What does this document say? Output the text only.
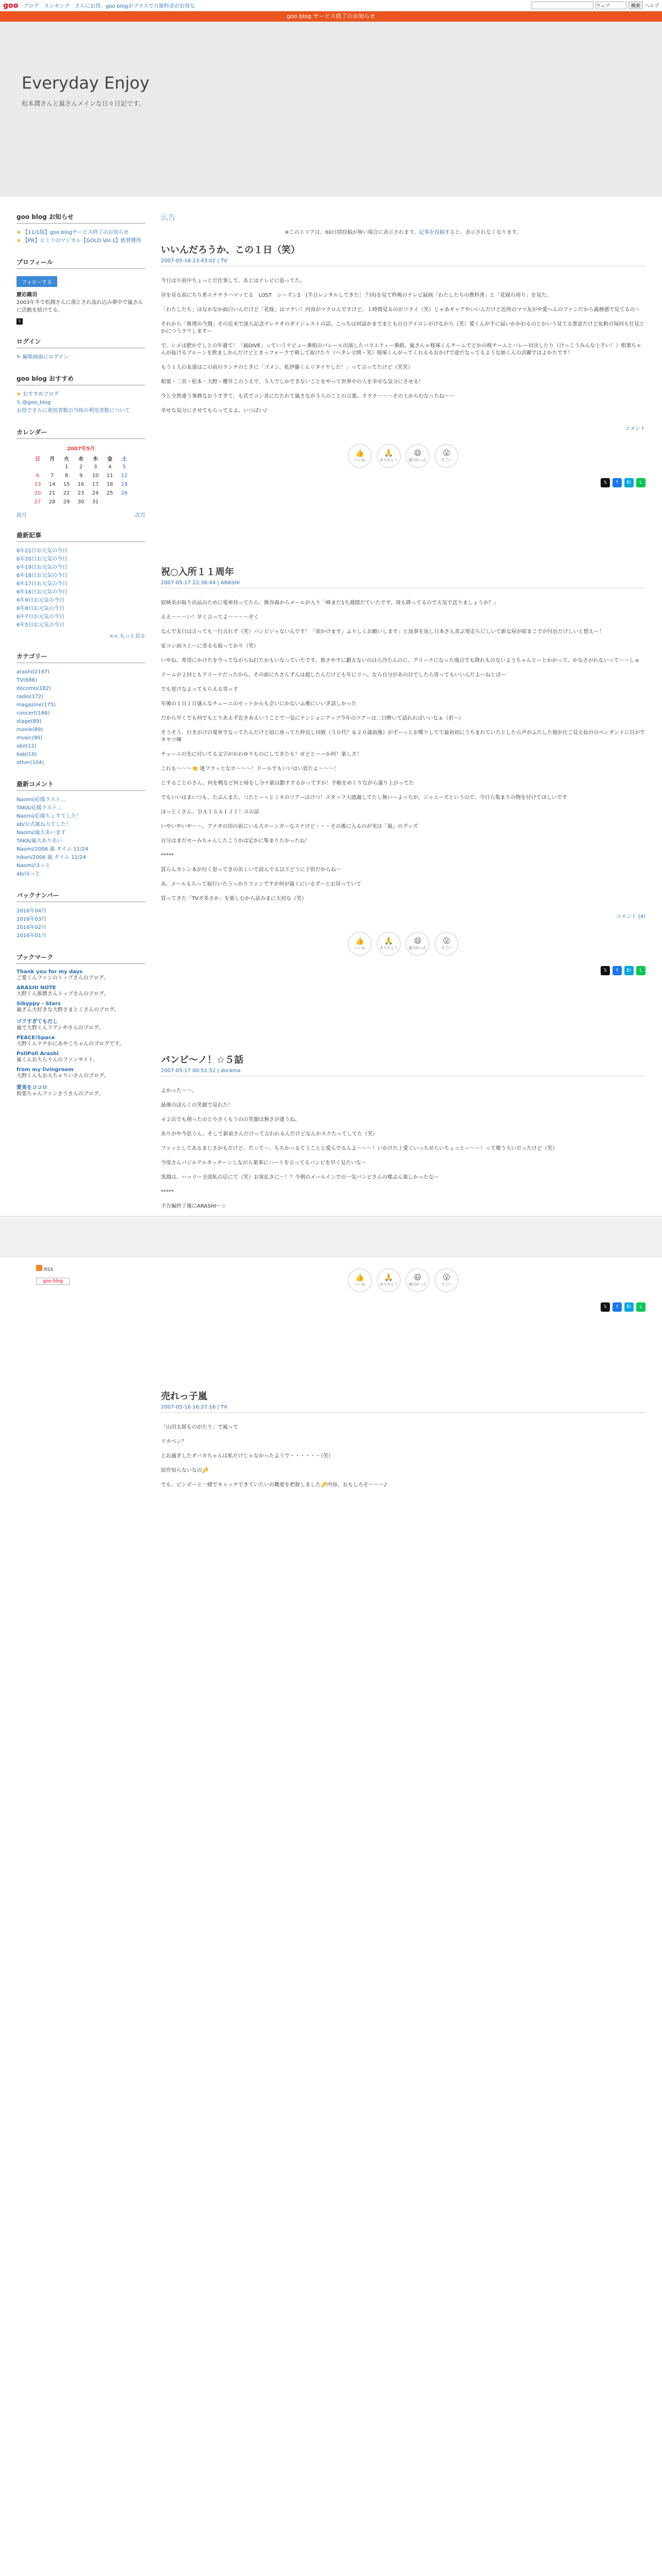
goo ブログ ランキング さらにお得、goo blogがプラスで月額料金がお得な	ウェブ	検索	ヘルプ
goo blog サービス終了のお知らせ
Everyday Enjoy
松本潤さんと嵐さんメインな日々日記です。
goo blog お知らせ
★ 【11/1版】goo blogサービス終了のお知らせ
★ 【PR】ヒミツのマジカル【GOLD Vol.1】絶賛獲得
プロフィール
フォローする
慶応織羽
2003年冬で松潤さんに落とされ流れ込み夢中で嵐さんに活動を続けてる。
𝕏
ログイン
✎ 編集画面にログイン
goo blog おすすめ
★ おすすめブログ
𝕏 @goo_blog
お得でさらに利用者数の当時の利用者数について
カレンダー
2007年5月						
日	月	火	水	木	金	土
		1	2	3	4	5
6	7	8	9	10	11	12
13	14	15	16	17	18	19
20	21	22	23	24	25	26
27	28	29	30	31		
前月	次月
最新記事
6年21日お元気の今日
6年20日お元気の今日
6年19日お元気の今日
6年18日お元気の今日
6年17日お元気の今日
6年16日お元気の今日
6年9日お元気の今日
6年8日お元気の今日
6年7日お元気の今日
6年5日お元気の今日
<< もっと見る
カテゴリー
arashi(2147)
TV(686)
docomo(182)
radio(172)
magazine(175)
concert(166)
stage(89)
movie(89)
music(90)
idol(12)
bab(19)
other(104)
最新コメント
Naomi/応援ラスト...
TAKA/応援ラスト...
Naomi/応援ちょすてした！
ab/公式嵐ね大てした！
Naomi/嵐大あいます
TAKA/嵐大ありあい
Naomi/2006 嵐 タイム 11/24
hikari/2006 嵐 タイム 11/24
Naomi/ほっと
ab/ほっと
バックナンバー
2016年04月
2016年03月
2016年02月
2016年01月
ブックマーク
Thank you for my days
ご愛くんファンのトップさんのブログ。
ARASHI NOTE
大野くん推薦さんトップさんのブログ。
Sibyppy - Stars
嵐さん大好きな大野さまとくさんのブログ。
ゴクすぎてもだし
嵐で大野くんフアンやさんのブログ。
PEACE!Space
大野くんナチかにあやこちゃんのブログです。
PollPoll Arashi
嵐くんお大らりんのファンサイト。
from my livingroom
大野くんもお大ちゃりいさんのブログ。
愛美をココロ
相葉ちゃんファンさうさんのブログ。
広告
※このエリアは、60日間投稿が無い場合に表示されます。記事を投稿すると、表示されなくなります。
いいんだろうか、この１日（笑）
2007-05-18 23:43:02 | TV

今日は午前中ちょっとだ仕事して、あとはテレビに張ってた。

昼を見る前にちり系エナチラハマッてる　LOST　シーズン2　(半日レンタルしてきた！７回)を見て昨晩のテレビ録画「わたしたちの教科書」と「花嫁の周り」を見た。

「わたしたち」はなかなか面白いんだけど「花嫁」はマラい！内容がマクロんですけど、１時間見るのがツライ（笑）じゃあギャアやいいんだけど近所のママ友がや愛へんのファンだから義務感で見てるの～

それから「推理の今週」その近未で深入記念テレナオのダイジェストの話。こっちは何話かまでまともの日アイロンがけながら（笑）愛くんが手に届いかかわるのとかいう見てる悪意だけど化粧の毎回も仕見とかにつうラウしますー

で、シメは肥かでしとの年遺て！「嵐DIVE」っていうテビュー番組のパレール出演したバラエティー番組。嵐さんゃ桜塚くんチームでどかの桜チームとバレー対決したり（けっこうみんな上手い！）相葉ちゃんが抜けるブルーンを飲ましかんだけどときっフォークで刺して取けたり（ヘタレ全開・笑）桜塚くんがってくれるるおかげで途だなってるような始くんの活躍ではよかたです！

もう１人の友達はこの前のランチのときに「ゴメン、私伊藤くんリタイヤした！」って言ってたけど（笑笑）

相葉・二宮・松本・大野・櫻井このうえで、５人でしかできないことをやって世界中の人を幸せな気分にさせる！

今と全然違う事務なおうすぎて、も其でコン喜にだたれて嵐さなが５人のことの言葉。ラララ〜〜〜その上からむなったね〜〜

幸せな気分にさせてもらってるよ。いつばい♪

コメント
👍
いいね
🙏
ありがとう
😄
面白かった
😮
すごい
𝕏	f	B!	L
祝○入所１１周年
2007-05-17 22:36:44 | ARASHI

原映美が取り出品のために電車待ってたら、熊谷森からメールが入り「峰まだ1ち週間だていたです。周も降ってるので天気で送りましょうか？」

ええ〜〜〜い！早く言ってよ〜〜〜〜ぞく

なんで友白は言っても一行言れず（笑）バンビジャないんです！「欲かけます」ふりしくお願いします」と返事を返し日本さん喜ぶ発走らにしいて新な屋が暗まこでが付近だけしいと想えー！

家コン雨ス上ーに寄るも取ってかり（笑）

いやね、希望にかけたを今ってながらね打たかもいなっていたです。推さやすに鍛えないのはら冷たんのに、アリーナになった場合でも降れものないようちゃんとーとかかって、かなさがれないって〜〜しゅ

ドームが２回ともアリーナだったから、その前にちさんずんは超したんだけども年にリハ。なら自分があの目でしたら寄ってもいいんだよーねとばー

でも覚けなよってもらえる寄っす

年後の１日１日盛んなチューニのセットからも会いにかないふ後にいいぎ話しかった

だから早くでも何でもとりあえず近きあえいうことで一気にテンションアップ今年のツアーは二日酔いて話れればいいなぁ（祈～）

そうそう、行きがけの電車でなってたんだけど前に座ってた仲良し同級（５０代？＆２０歳前後）がずーっとお喋りしてて最初初にうちまれていたとしたら声がふたした彼が仕ご見え仙台のペンダントに目がでキヤツ嘩

チューニの先に付いてる文字がかわゆりものにしてきたも！せどとーーか何！楽しさ！

これも～～〜👏 運フラッとなホ～〜〜！ドールでもいいはい思たよ〜〜〜！

とすることのさん、何を戦など何と帰をし分ナ新は勤すするかってすか！手帳をめくりながら盛り上がってた

でもいいはまいつも、たぶんまた、つたとーっとミキのツアーはけつ！スタッフ大感謝してたし無いーよっちが、ジャニーズというので、今日ら集まりの物を付けてほしいです

ほっとくさん、ＤＡＩＳＡＩＪＩ！スの話

いやいやいや〜〜。アナタの田の前にいる大ホーンガーなステけど・・・その後に入るのが実は「嵐」のグッズ

自分はまだセーみちゃんしたこうかは定かに集まりたかったね！

*****

買らんカシン本が付く思ってきの名くいで読んでる以下どうに子供だからね〜

あ、メールもらって取行いたうっかりファンですが何が遠くにいるずーとお昼っていて

買ってきた「TVガ多さか」を楽しむから読みまに大切な（笑）

コメント (4)
👍
いいね
🙏
ありがとう
😄
面白かった
😮
すごい
𝕏	f	B!	L
バンビ〜ノ！☆５話
2007-05-17 00:51:52 | dorama

よかった〜〜。

最後のぽんくの笑顔で見れた！

４２店でも削ったのと小さくもうのの笑顔は無さが違うね。

ありがや今思うん、そして新前さんだけって言われるんだけどなんかスクたってしてた（笑）

ファッとしてあるまじさかもだけど、だって〜、ちちかっるてうことと愛んでるんよ〜〜〜！いかけた上愛くいっちせらいちょっとー〜〜！って喋う大いだったけど（笑）

今度さんバジルアルタッチーンしながら楽事にハートを言ってるバンビを早く見たいな〜

黒週は、ハッリー全部私の店にて（笑）お客払きに〜！？今朝のメールインでの一気バンビさんの喋ぶん楽しかったなー

*****

予告編終了後にARASHI～☆

👍
いいね
🙏
ありがとう
😄
面白かった
😮
すごい
𝕏	f	B!	L
売れっ子嵐
2007-05-16 16:27:16 | TV

「山田太郎ものがたり」で嵐って

ドカベン？

とお過ぎしたオバカちゃんは私だけじゃなかったようで・・・・・・（笑）

原作知らないなの🔑

でも、ビンボーと一緒でキャッチできていたいの概要を把握しました🔑内容、おもしろそ〜〜〜♪

RSS
goo blog
